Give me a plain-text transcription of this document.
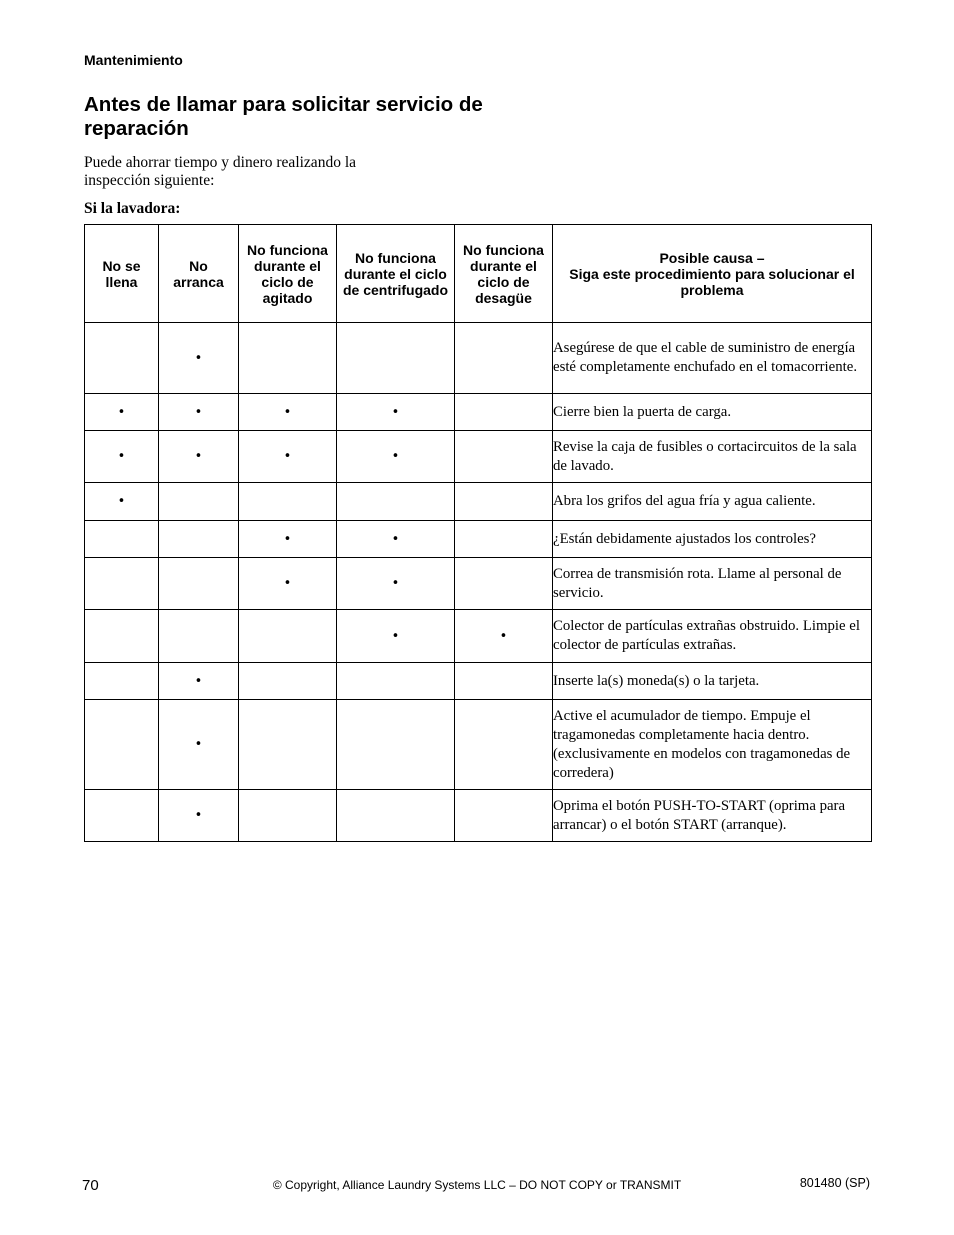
Mantenimiento
Antes de llamar para solicitar servicio de reparación

Puede ahorrar tiempo y dinero realizando la inspección siguiente:

Si la lavadora:
No se llena	No arranca	No funciona durante el ciclo de agitado	No funciona durante el ciclo de centrifugado	No funciona durante el ciclo de desagüe	Posible causa –
Siga este procedimiento para solucionar el problema
	•				Asegúrese de que el cable de suministro de energía esté completamente enchufado en el tomacorriente.
•	•	•	•		Cierre bien la puerta de carga.
•	•	•	•		Revise la caja de fusibles o cortacircuitos de la sala de lavado.
•					Abra los grifos del agua fría y agua caliente.
		•	•		¿Están debidamente ajustados los controles?
		•	•		Correa de transmisión rota. Llame al personal de servicio.
			•	•	Colector de partículas extrañas obstruido. Limpie el colector de partículas extrañas.
	•				Inserte la(s) moneda(s) o la tarjeta.
	•				Active el acumulador de tiempo. Empuje el tragamonedas completamente hacia dentro. (exclusivamente en modelos con tragamonedas de corredera)
	•				Oprima el botón PUSH-TO-START (oprima para arrancar) o el botón START (arranque).
70	© Copyright, Alliance Laundry Systems LLC – DO NOT COPY or TRANSMIT	801480 (SP)
